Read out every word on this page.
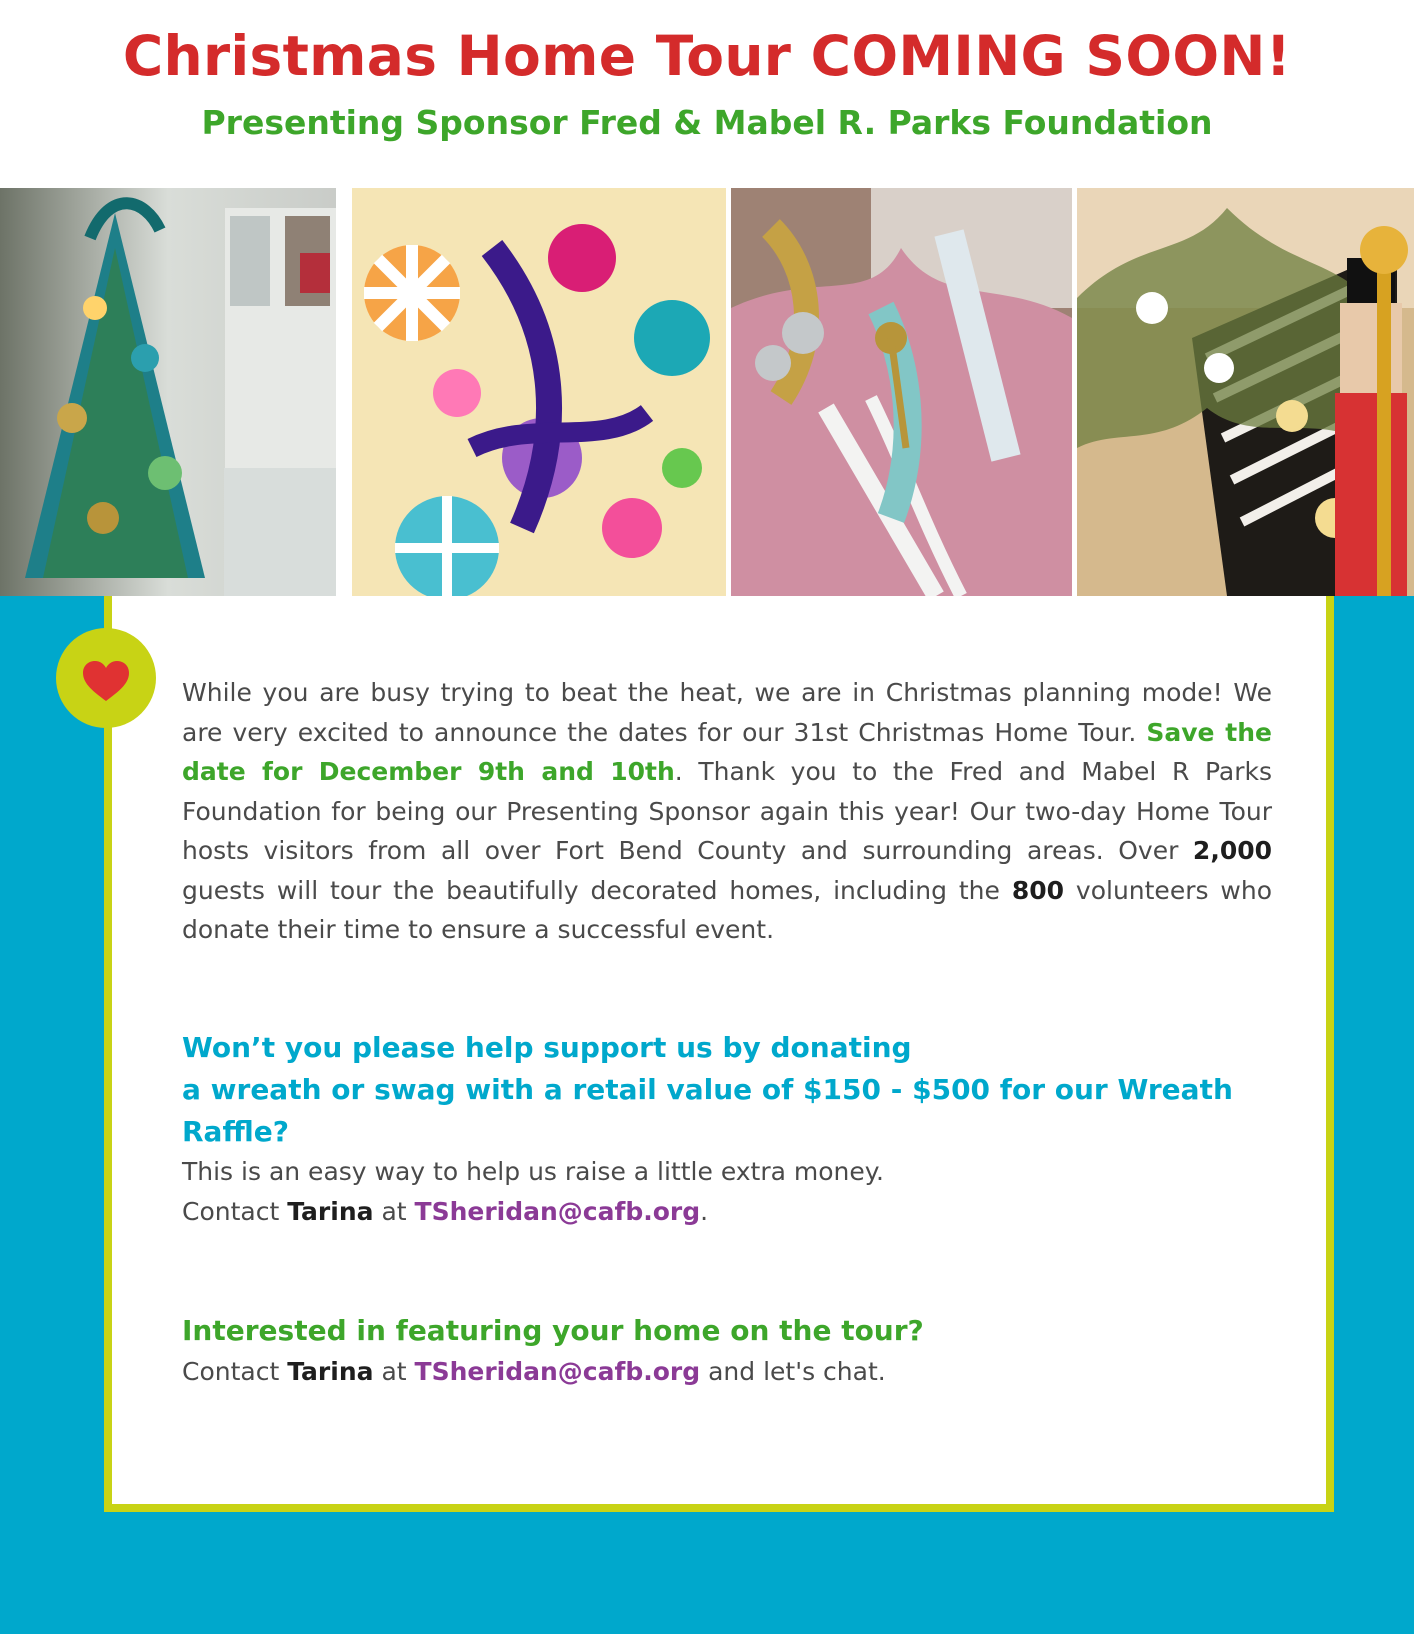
Christmas Home Tour COMING SOON!
Presenting Sponsor Fred & Mabel R. Parks Foundation
While you are busy trying to beat the heat, we are in Christmas planning mode! We are very excited to announce the dates for our 31st Christmas Home Tour. Save the date for December 9th and 10th. Thank you to the Fred and Mabel R Parks Foundation for being our Presenting Sponsor again this year! Our two-day Home Tour hosts visitors from all over Fort Bend County and surrounding areas. Over 2,000 guests will tour the beautifully decorated homes, including the 800 volunteers who donate their time to ensure a successful event.
Won’t you please help support us by donating
a wreath or swag with a retail value of $150 - $500 for our Wreath Raffle?
This is an easy way to help us raise a little extra money.
Contact Tarina at TSheridan@cafb.org.
Interested in featuring your home on the tour?
Contact Tarina at TSheridan@cafb.org and let's chat.
